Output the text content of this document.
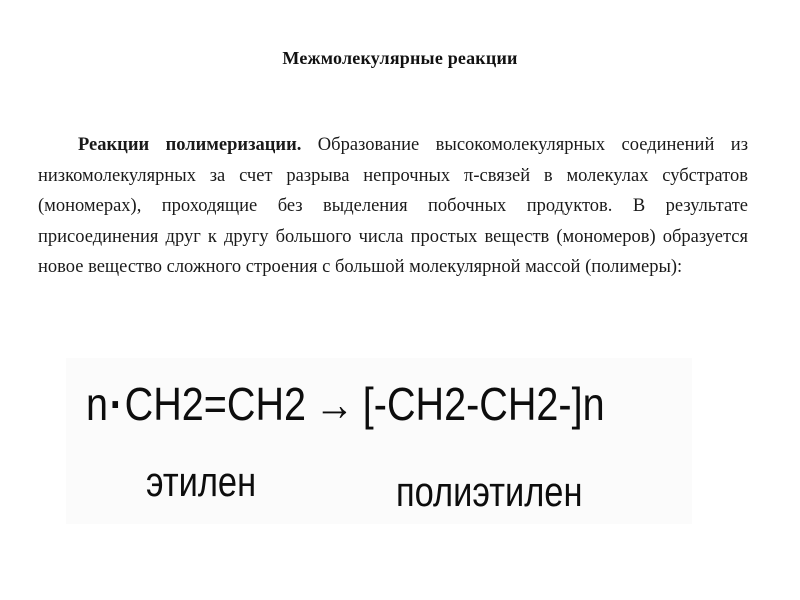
Межмолекулярные реакции

Реакции полимеризации. Образование высокомолекулярных соединений из низкомолекулярных за счет разрыва непрочных π-связей в молекулах субстратов (мономерах), проходящие без выделения побочных продуктов. В результате присоединения друг к другу большого числа простых веществ (мономеров) образуется новое вещество сложного строения с большой молекулярной массой (полимеры):

n·CH2=CH2 → [-CH2-CH2-]n
этилен	полиэтилен
